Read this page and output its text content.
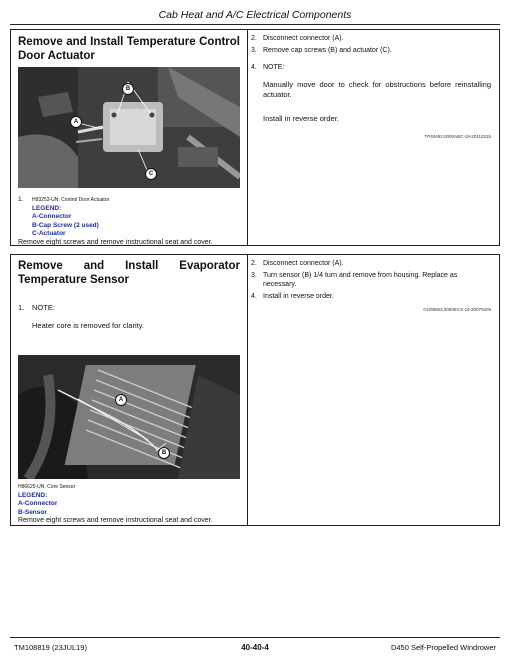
Cab Heat and A/C Electrical Components
Remove and Install Temperature Control
Door Actuator
B
A
C
1. H93253-UN: Control Door Actuator
LEGEND:
A-Connector
B-Cap Screw (2 used)
C-Actuator
Remove eight screws and remove instructional seat and cover.
2. Disconnect connector (A).
3. Remove cap screws (B) and actuator (C).
4. NOTE:
Manually move door to check for obstructions before reinstalling actuator.
Install in reverse order.
TP40492,0000ABC-19-20110315
Remove and Install Evaporator
Temperature Sensor
2. Disconnect connector (A).
3. Turn sensor (B) 1/4 turn and remove from housing. Replace as necessary.
4. Install in reverse order.
OU09053,0000ECS-19-20070209
1. NOTE:
Heater core is removed for clarity.
A
B
H86625-UN: Core Sensor
LEGEND:
A-Connector
B-Sensor
Remove eight screws and remove instructional seat and cover.
TM108819 (23JUL19)	40-40-4	D450 Self-Propelled Windrower
